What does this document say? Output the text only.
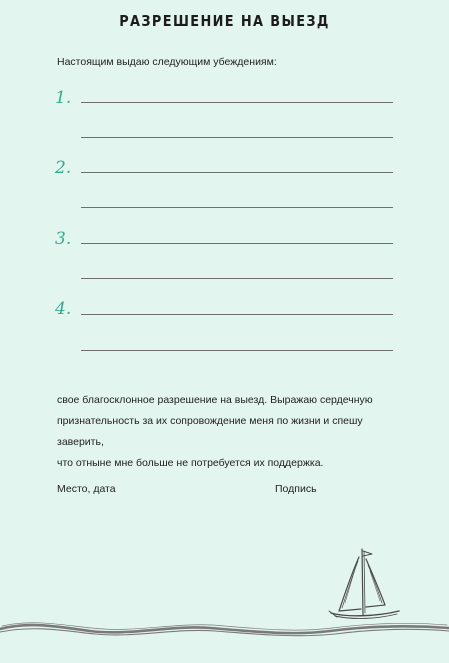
РАЗРЕШЕНИЕ НА ВЫЕЗД
Настоящим выдаю следующим убеждениям:
1.
2.
3.
4.

свое благосклонное разрешение на выезд. Выражаю сердечную

признательность за их сопровождение меня по жизни и спешу заверить,

что отныне мне больше не потребуется их поддержка.

Место, дата	Подпись
